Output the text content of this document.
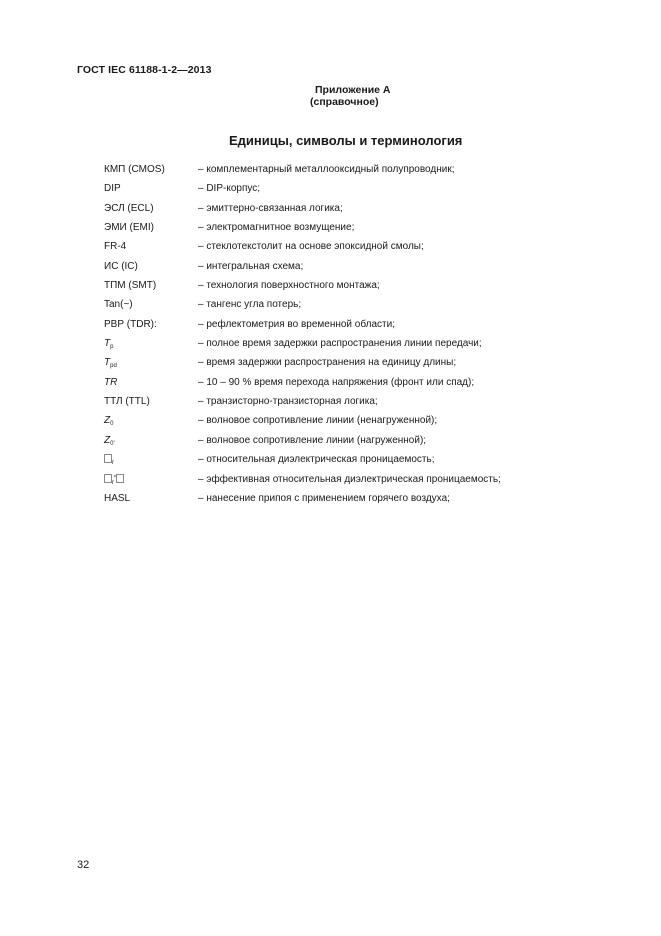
ГОСТ IEC 61188-1-2—2013
Приложение А
(справочное)
Единицы, символы и терминология
КМП (CMOS)	– комплементарный металлооксидный полупроводник;
DIP	– DIP-корпус;
ЭСЛ (ECL)	– эмиттерно-связанная логика;
ЭМИ (EMI)	– электромагнитное возмущение;
FR-4	– стеклотекстолит на основе эпоксидной смолы;
ИС (IC)	– интегральная схема;
ТПМ (SMT)	– технология поверхностного монтажа;
Tan(~)	– тангенс угла потерь;
РВР (TDR):	– рефлектометрия во временной области;
$T_p$	– полное время задержки распространения линии передачи;
$T_{pd}$	– время задержки распространения на единицу длины;
TR	– 10 – 90 % время перехода напряжения (фронт или спад);
ТТЛ (TTL)	– транзисторно-транзисторная логика;
$Z_0$	– волновое сопротивление линии (ненагруженной);
$Z_{0'}$	– волновое сопротивление линии (нагруженной);
$_r$	– относительная диэлектрическая проницаемость;
$_r$'	– эффективная относительная диэлектрическая проницаемость;
HASL	– нанесение припоя с применением горячего воздуха;
32
